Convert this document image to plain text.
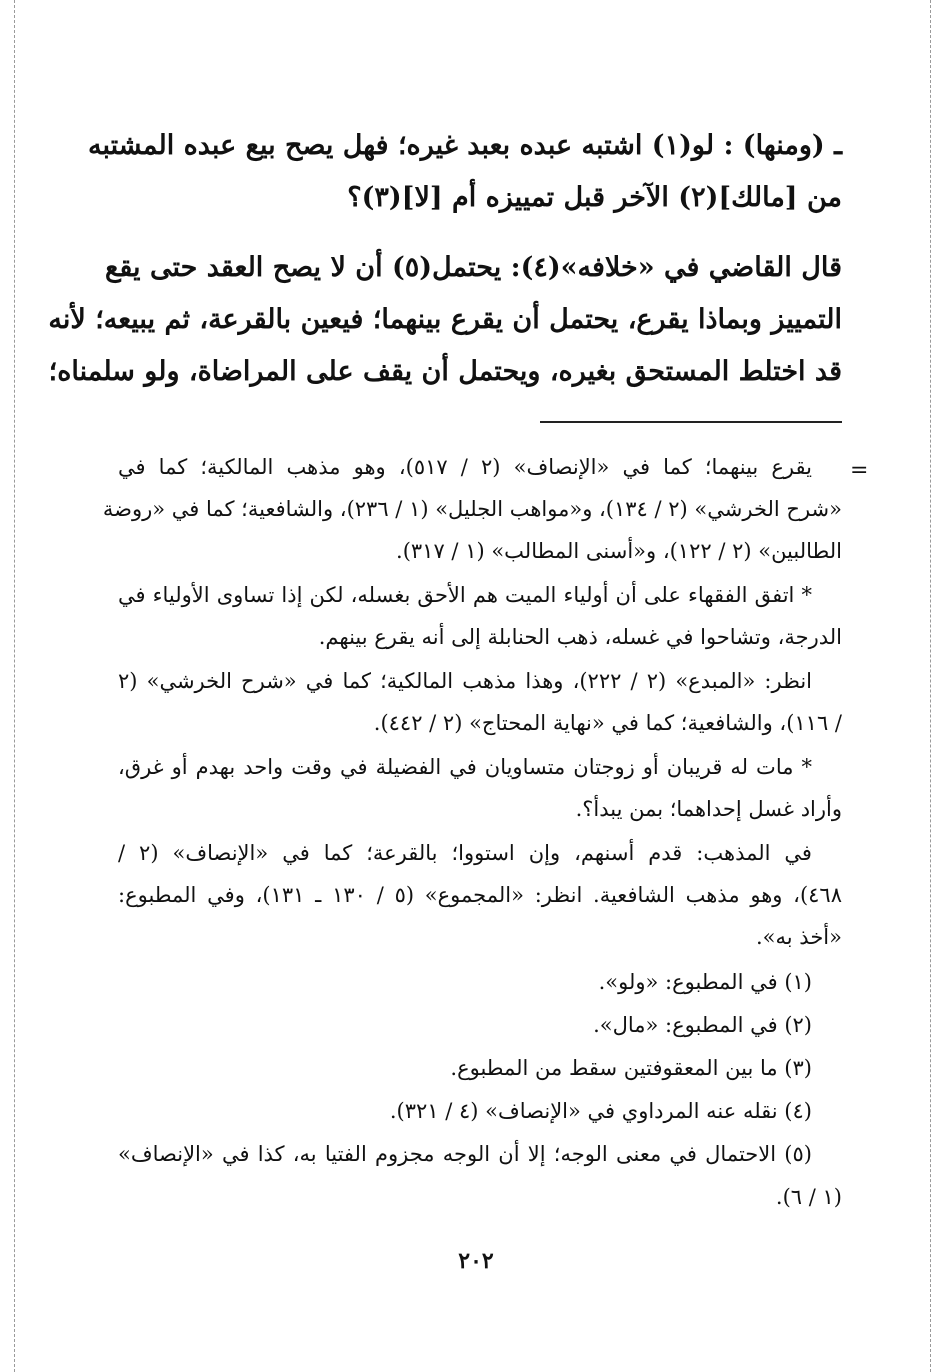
ـ (ومنها) : لو(١) اشتبه عبده بعبد غيره؛ فهل يصح بيع عبده المشتبه
من [مالك](٢) الآخر قبل تمييزه أم [لا](٣)؟
قال القاضي في «خلافه»(٤): يحتمل(٥) أن لا يصح العقد حتى يقع
التمييز وبماذا يقرع، يحتمل أن يقرع بينهما؛ فيعين بالقرعة، ثم يبيعه؛ لأنه
قد اختلط المستحق بغيره، ويحتمل أن يقف على المراضاة، ولو سلمناه؛
=
يقرع بينهما؛ كما في «الإنصاف» (٢ / ٥١٧)، وهو مذهب المالكية؛ كما في
«شرح الخرشي» (٢ / ١٣٤)، و«مواهب الجليل» (١ / ٢٣٦)، والشافعية؛ كما في «روضة
الطالبين» (٢ / ١٢٢)، و«أسنى المطالب» (١ / ٣١٧).
* اتفق الفقهاء على أن أولياء الميت هم الأحق بغسله، لكن إذا تساوى الأولياء في
الدرجة، وتشاحوا في غسله، ذهب الحنابلة إلى أنه يقرع بينهم.
انظر: «المبدع» (٢ / ٢٢٢)، وهذا مذهب المالكية؛ كما في «شرح الخرشي» (٢
/ ١١٦)، والشافعية؛ كما في «نهاية المحتاج» (٢ / ٤٤٢).
* مات له قريبان أو زوجتان متساويان في الفضيلة في وقت واحد بهدم أو غرق،
وأراد غسل إحداهما؛ بمن يبدأ؟.
في المذهب: قدم أسنهم، وإن استووا؛ بالقرعة؛ كما في «الإنصاف» (٢ /
٤٦٨)، وهو مذهب الشافعية. انظر: «المجموع» (٥ / ١٣٠ ـ ١٣١)، وفي المطبوع:
«أخذ به».
(١) في المطبوع: «ولو».
(٢) في المطبوع: «مال».
(٣) ما بين المعقوفتين سقط من المطبوع.
(٤) نقله عنه المرداوي في «الإنصاف» (٤ / ٣٢١).
(٥) الاحتمال في معنى الوجه؛ إلا أن الوجه مجزوم الفتيا به، كذا في «الإنصاف»
(١ / ٦).
٢٠٢
